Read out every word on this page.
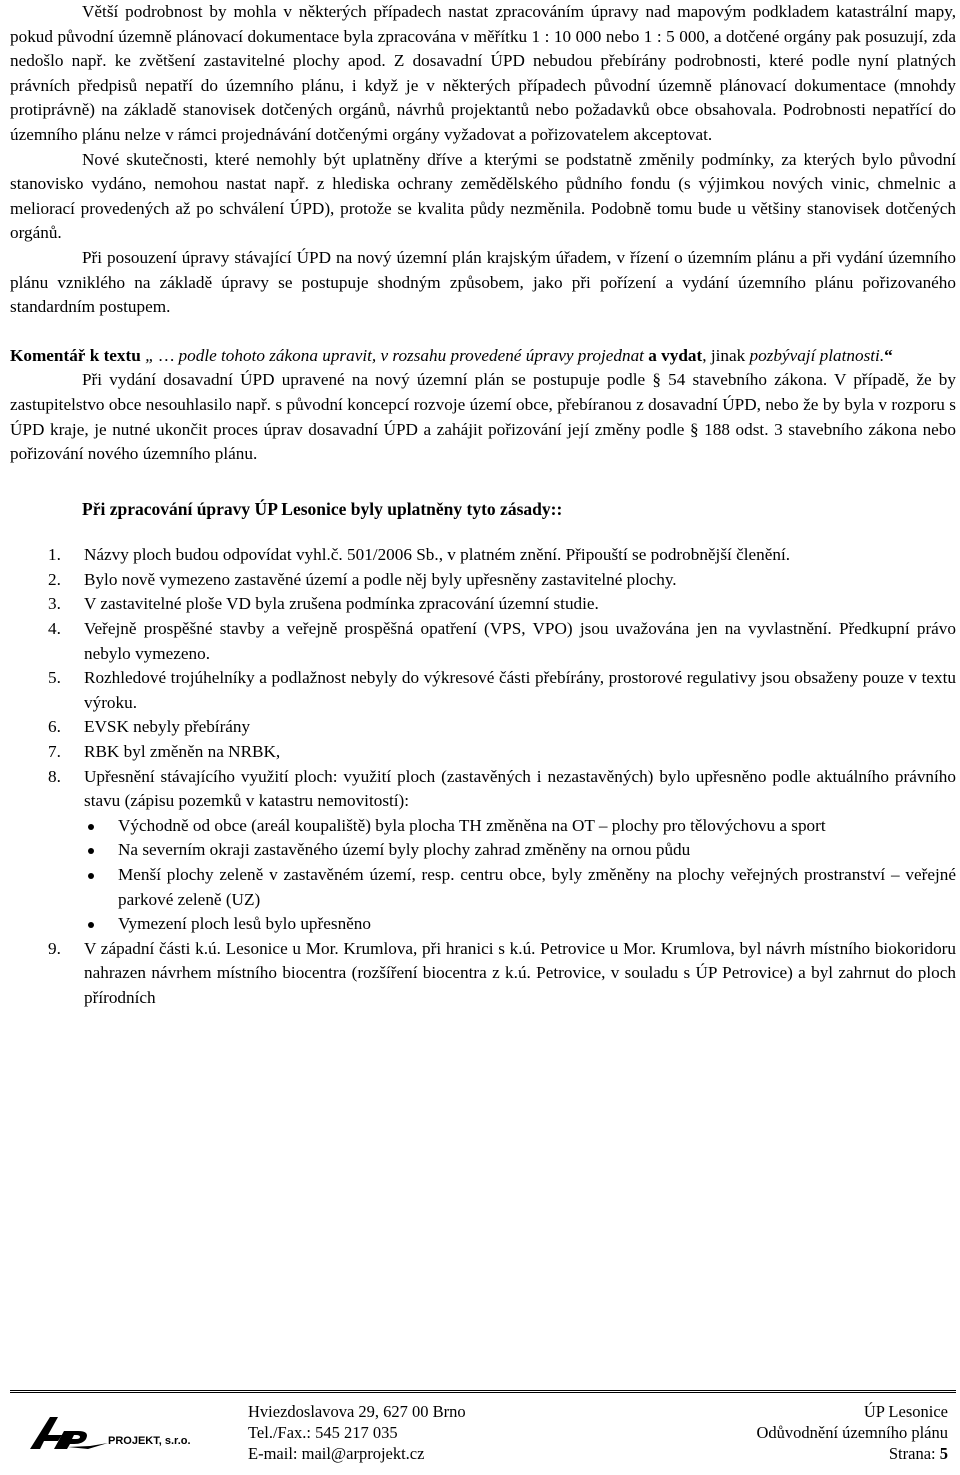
Větší podrobnost by mohla v některých případech nastat zpracováním úpravy nad mapovým podkladem katastrální mapy, pokud původní územně plánovací dokumentace byla zpracována v měřítku 1 : 10 000 nebo 1 : 5 000, a dotčené orgány pak posuzují, zda nedošlo např. ke zvětšení zastavitelné plochy apod. Z dosavadní ÚPD nebudou přebírány podrobnosti, které podle nyní platných právních předpisů nepatří do územního plánu, i když je v některých případech původní územně plánovací dokumentace (mnohdy protiprávně) na základě stanovisek dotčených orgánů, návrhů projektantů nebo požadavků obce obsahovala. Podrobnosti nepatřící do územního plánu nelze v rámci projednávání dotčenými orgány vyžadovat a pořizovatelem akceptovat.

Nové skutečnosti, které nemohly být uplatněny dříve a kterými se podstatně změnily podmínky, za kterých bylo původní stanovisko vydáno, nemohou nastat např. z hlediska ochrany zemědělského půdního fondu (s výjimkou nových vinic, chmelnic a meliorací provedených až po schválení ÚPD), protože se kvalita půdy nezměnila. Podobně tomu bude u většiny stanovisek dotčených orgánů.

Při posouzení úpravy stávající ÚPD na nový územní plán krajským úřadem, v řízení o územním plánu a při vydání územního plánu vzniklého na základě úpravy se postupuje shodným způsobem, jako při pořízení a vydání územního plánu pořizovaného standardním postupem.

Komentář k textu „ … podle tohoto zákona upravit, v rozsahu provedené úpravy projednat a vydat, jinak pozbývají platnosti.“

Při vydání dosavadní ÚPD upravené na nový územní plán se postupuje podle § 54 stavebního zákona. V případě, že by zastupitelstvo obce nesouhlasilo např. s původní koncepcí rozvoje území obce, přebíranou z dosavadní ÚPD, nebo že by byla v rozporu s ÚPD kraje, je nutné ukončit proces úprav dosavadní ÚPD a zahájit pořizování její změny podle § 188 odst. 3 stavebního zákona nebo pořizování nového územního plánu.

Při zpracování úpravy ÚP Lesonice byly uplatněny tyto zásady::
1. Názvy ploch budou odpovídat vyhl.č. 501/2006 Sb., v platném znění. Připouští se podrobnější členění.
2. Bylo nově vymezeno zastavěné území a podle něj byly upřesněny zastavitelné plochy.
3. V zastavitelné ploše VD byla zrušena podmínka zpracování územní studie.
4. Veřejně prospěšné stavby a veřejně prospěšná opatření (VPS, VPO) jsou uvažována jen na vyvlastnění. Předkupní právo nebylo vymezeno.
5. Rozhledové trojúhelníky a podlažnost nebyly do výkresové části přebírány, prostorové regulativy jsou obsaženy pouze v textu výroku.
6. EVSK nebyly přebírány
7. RBK byl změněn na NRBK,
8. Upřesnění stávajícího využití ploch: využití ploch (zastavěných i nezastavěných) bylo upřesněno podle aktuálního právního stavu (zápisu pozemků v katastru nemovitostí):
Východně od obce (areál koupaliště) byla plocha TH změněna na OT – plochy pro tělovýchovu a sport
Na severním okraji zastavěného území byly plochy zahrad změněny na ornou půdu
Menší plochy zeleně v zastavěném území, resp. centru obce, byly změněny na plochy veřejných prostranství – veřejné parkové zeleně (UZ)
Vymezení ploch lesů bylo upřesněno
9. V západní části k.ú. Lesonice u Mor. Krumlova, při hranici s k.ú. Petrovice u Mor. Krumlova, byl návrh místního biokoridoru nahrazen návrhem místního biocentra (rozšíření biocentra z k.ú. Petrovice, v souladu s ÚP Petrovice) a byl zahrnut do ploch přírodních
PROJEKT, s.r.o.
Hviezdoslavova 29, 627 00 Brno
Tel./Fax.: 545 217 035
E-mail: mail@arprojekt.cz
ÚP Lesonice
Odůvodnění územního plánu
Strana: 5
